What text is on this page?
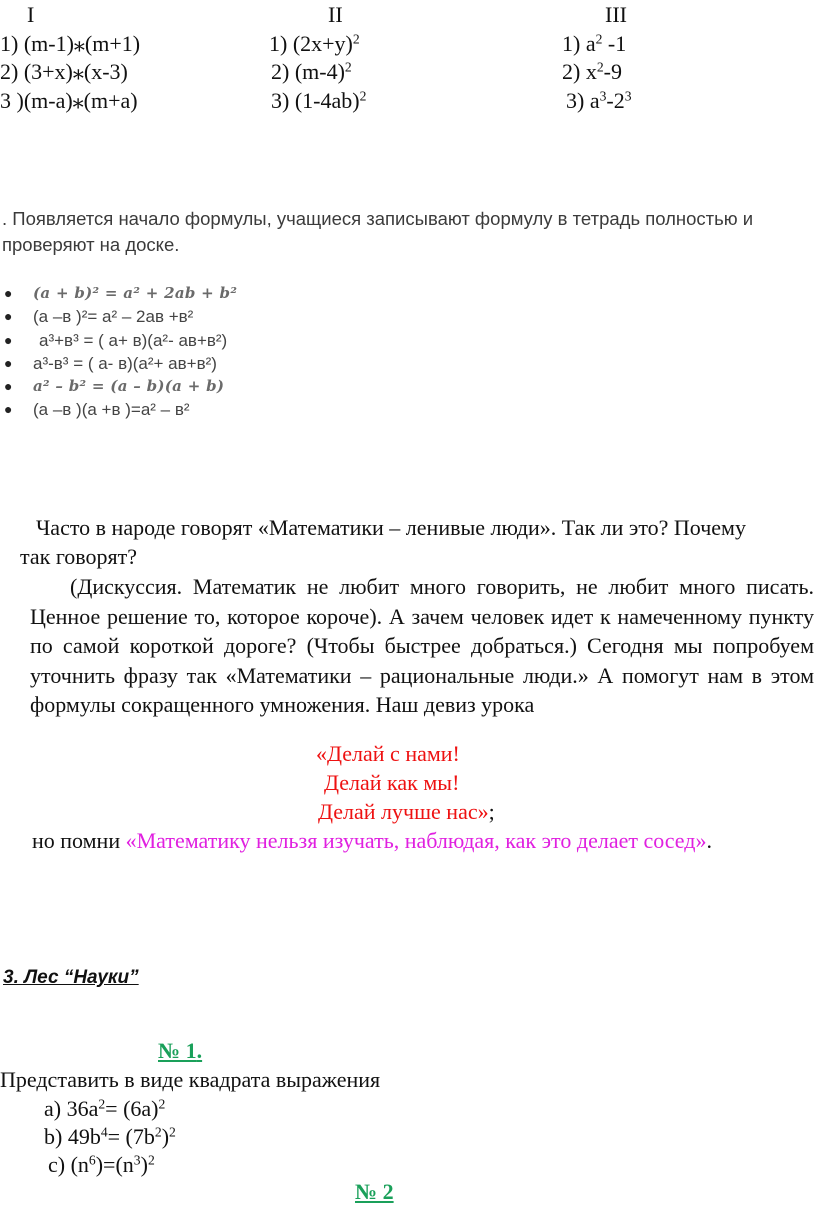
I	II	III
1) (m-1)⁎(m+1)
2) (3+x)⁎(x-3)
3 )(m-a)⁎(m+a)
1) $(2x+y)^2$
2) $(m-4)^2$
3) $(1-4ab)^2$
1) $a^2$ -1
2) $x^2-9$
3) $a^3-2^3$
. Появляется начало формулы, учащиеся записывают формулу в тетрадь полностью и проверяют на доске.
● (a + b)² = a² + 2ab + b²
● (а –в )²= а² – 2ав +в²
● а³+в³ = ( а+ в)(а²- ав+в²)
● а³-в³ = ( а- в)(а²+ ав+в²)
● a² – b² = (a – b)(a + b)
● (а –в )(а +в )=а² – в²
Часто в народе говорят «Математики – ленивые люди». Так ли это? Почему
так говорят?
(Дискуссия. Математик не любит много говорить, не любит много писать. Ценное решение то, которое короче). А зачем человек идет к намеченному пункту по самой короткой дороге? (Чтобы быстрее добраться.) Сегодня мы попробуем уточнить фразу так «Математики – рациональные люди.» А помогут нам в этом формулы сокращенного умножения. Наш девиз урока
«Делай с нами!
Делай как мы!
Делай лучше нас»;
но помни «Математику нельзя изучать, наблюдая, как это делает сосед».
3. Лес “Науки”
№ 1.
Представить в виде квадрата выражения
a) $36a^2= (6a)^2$
b) $49b^4= (7b^2)^2$
c) $(n^6)=(n^3)^2$
№ 2
